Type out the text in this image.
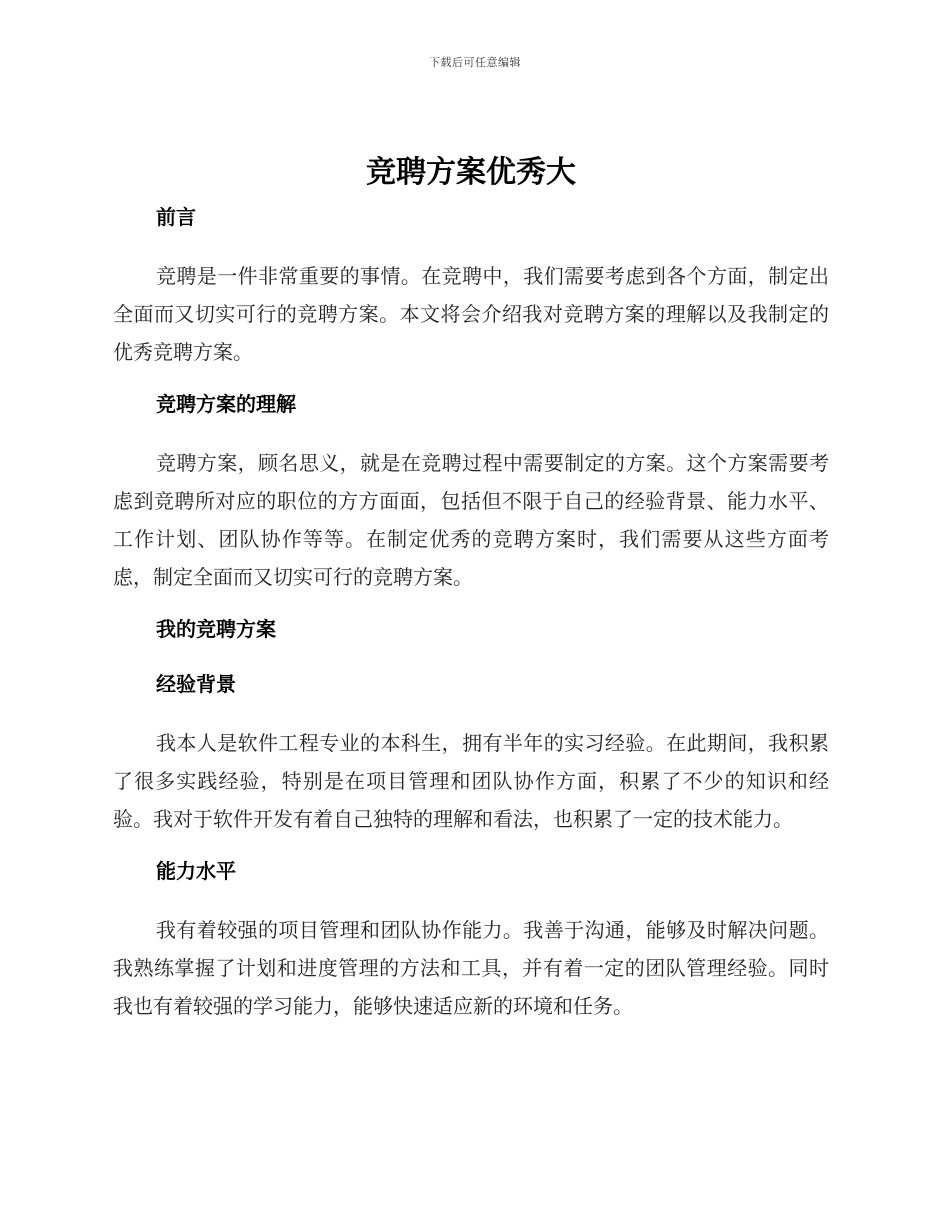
下载后可任意编辑
竞聘方案优秀大
前言

竞聘是一件非常重要的事情。在竞聘中，我们需要考虑到各个方面，制定出全面而又切实可行的竞聘方案。本文将会介绍我对竞聘方案的理解以及我制定的优秀竞聘方案。

竞聘方案的理解

竞聘方案，顾名思义，就是在竞聘过程中需要制定的方案。这个方案需要考虑到竞聘所对应的职位的方方面面，包括但不限于自己的经验背景、能力水平、工作计划、团队协作等等。在制定优秀的竞聘方案时，我们需要从这些方面考虑，制定全面而又切实可行的竞聘方案。

我的竞聘方案
经验背景

我本人是软件工程专业的本科生，拥有半年的实习经验。在此期间，我积累了很多实践经验，特别是在项目管理和团队协作方面，积累了不少的知识和经验。我对于软件开发有着自己独特的理解和看法，也积累了一定的技术能力。

能力水平

我有着较强的项目管理和团队协作能力。我善于沟通，能够及时解决问题。我熟练掌握了计划和进度管理的方法和工具，并有着一定的团队管理经验。同时我也有着较强的学习能力，能够快速适应新的环境和任务。
